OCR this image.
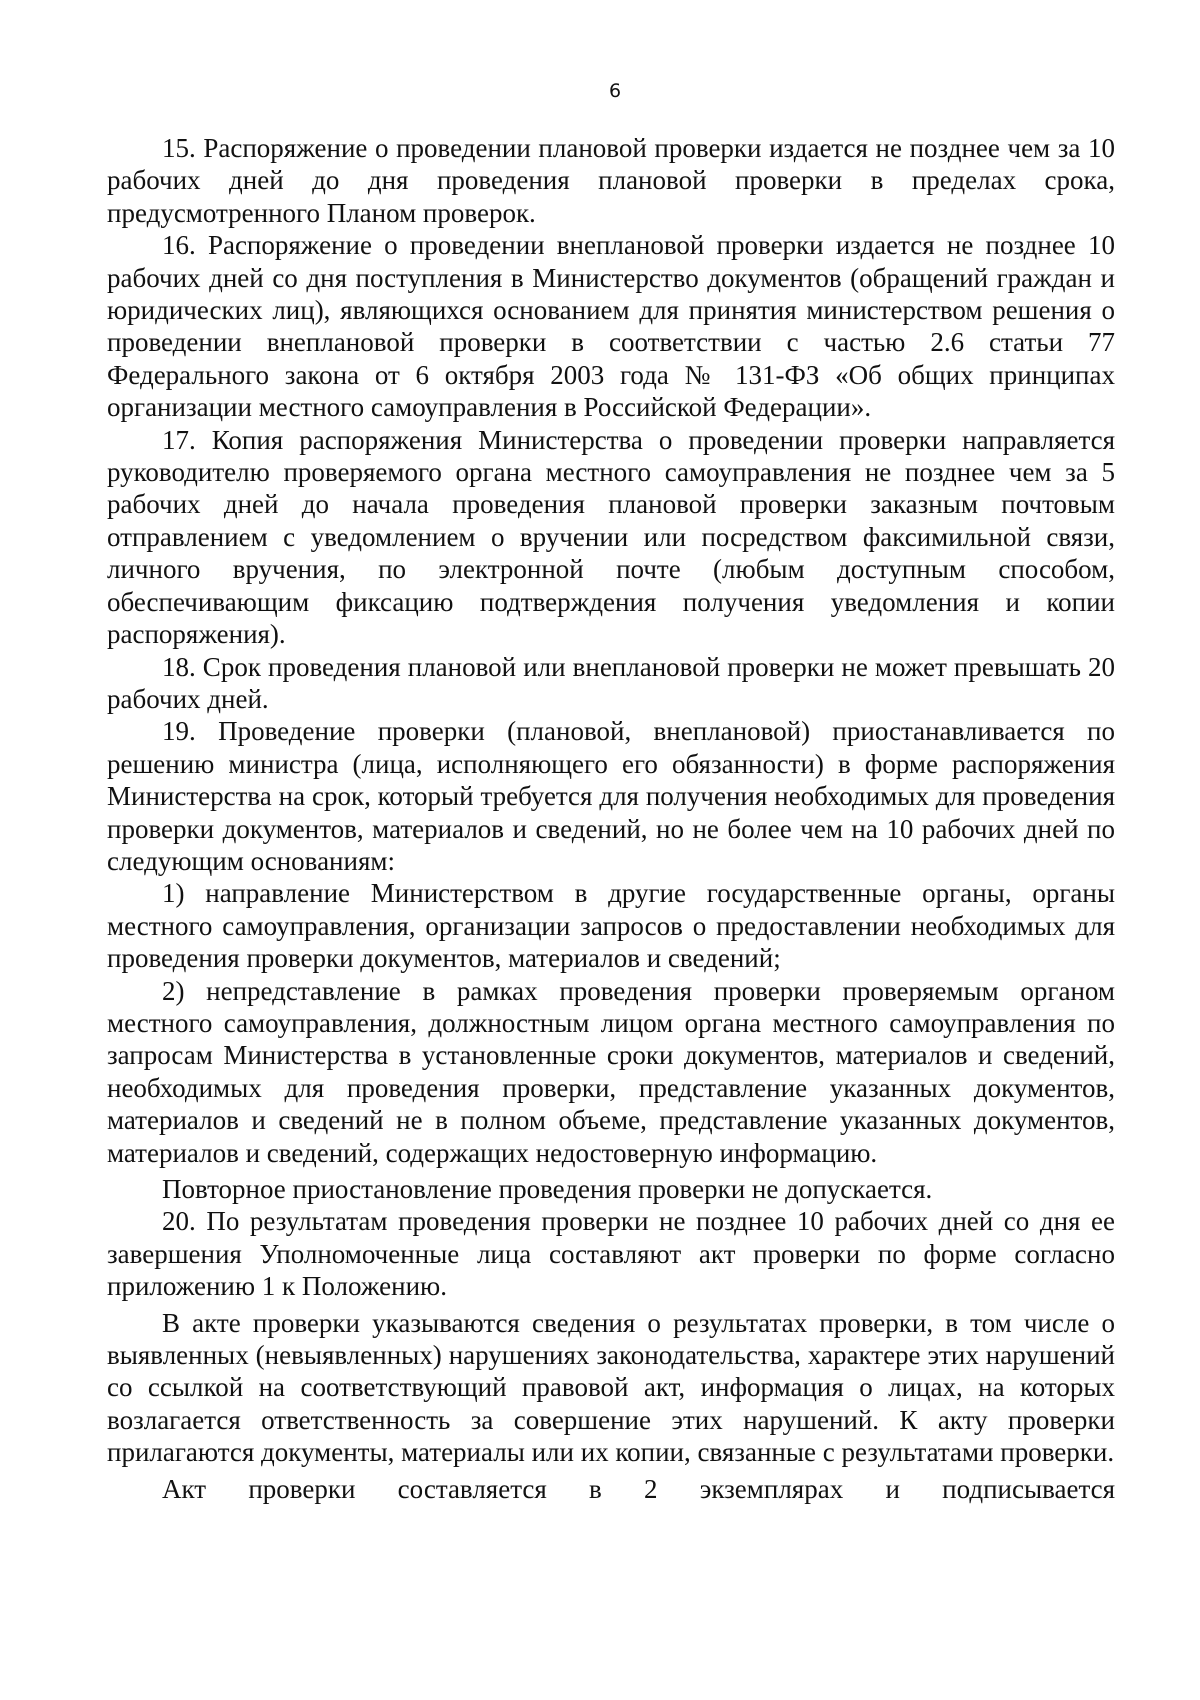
6

15. Распоряжение о проведении плановой проверки издается не позднее чем за 10 рабочих дней до дня проведения плановой проверки в пределах срока, предусмотренного Планом проверок.

16. Распоряжение о проведении внеплановой проверки издается не позднее 10 рабочих дней со дня поступления в Министерство документов (обращений граждан и юридических лиц), являющихся основанием для принятия министерством решения о проведении внеплановой проверки в соответствии с частью 2.6 статьи 77 Федерального закона от 6 октября 2003 года № 131-ФЗ «Об общих принципах организации местного самоуправления в Российской Федерации».

17. Копия распоряжения Министерства о проведении проверки направляется руководителю проверяемого органа местного самоуправления не позднее чем за 5 рабочих дней до начала проведения плановой проверки заказным почтовым отправлением с уведомлением о вручении или посредством факсимильной связи, личного вручения, по электронной почте (любым доступным способом, обеспечивающим фиксацию подтверждения получения уведомления и копии распоряжения).

18. Срок проведения плановой или внеплановой проверки не может превышать 20 рабочих дней.

19. Проведение проверки (плановой, внеплановой) приостанавливается по решению министра (лица, исполняющего его обязанности) в форме распоряжения Министерства на срок, который требуется для получения необходимых для проведения проверки документов, материалов и сведений, но не более чем на 10 рабочих дней по следующим основаниям:

1) направление Министерством в другие государственные органы, органы местного самоуправления, организации запросов о предоставлении необходимых для проведения проверки документов, материалов и сведений;

2) непредставление в рамках проведения проверки проверяемым органом местного самоуправления, должностным лицом органа местного самоуправления по запросам Министерства в установленные сроки документов, материалов и сведений, необходимых для проведения проверки, представление указанных документов, материалов и сведений не в полном объеме, представление указанных документов, материалов и сведений, содержащих недостоверную информацию.

Повторное приостановление проведения проверки не допускается.

20. По результатам проведения проверки не позднее 10 рабочих дней со дня ее завершения Уполномоченные лица составляют акт проверки по форме согласно приложению 1 к Положению.

В акте проверки указываются сведения о результатах проверки, в том числе о выявленных (невыявленных) нарушениях законодательства, характере этих нарушений со ссылкой на соответствующий правовой акт, информация о лицах, на которых возлагается ответственность за совершение этих нарушений. К акту проверки прилагаются документы, материалы или их копии, связанные с результатами проверки.

Акт проверки составляется в 2 экземплярах и подписывается
